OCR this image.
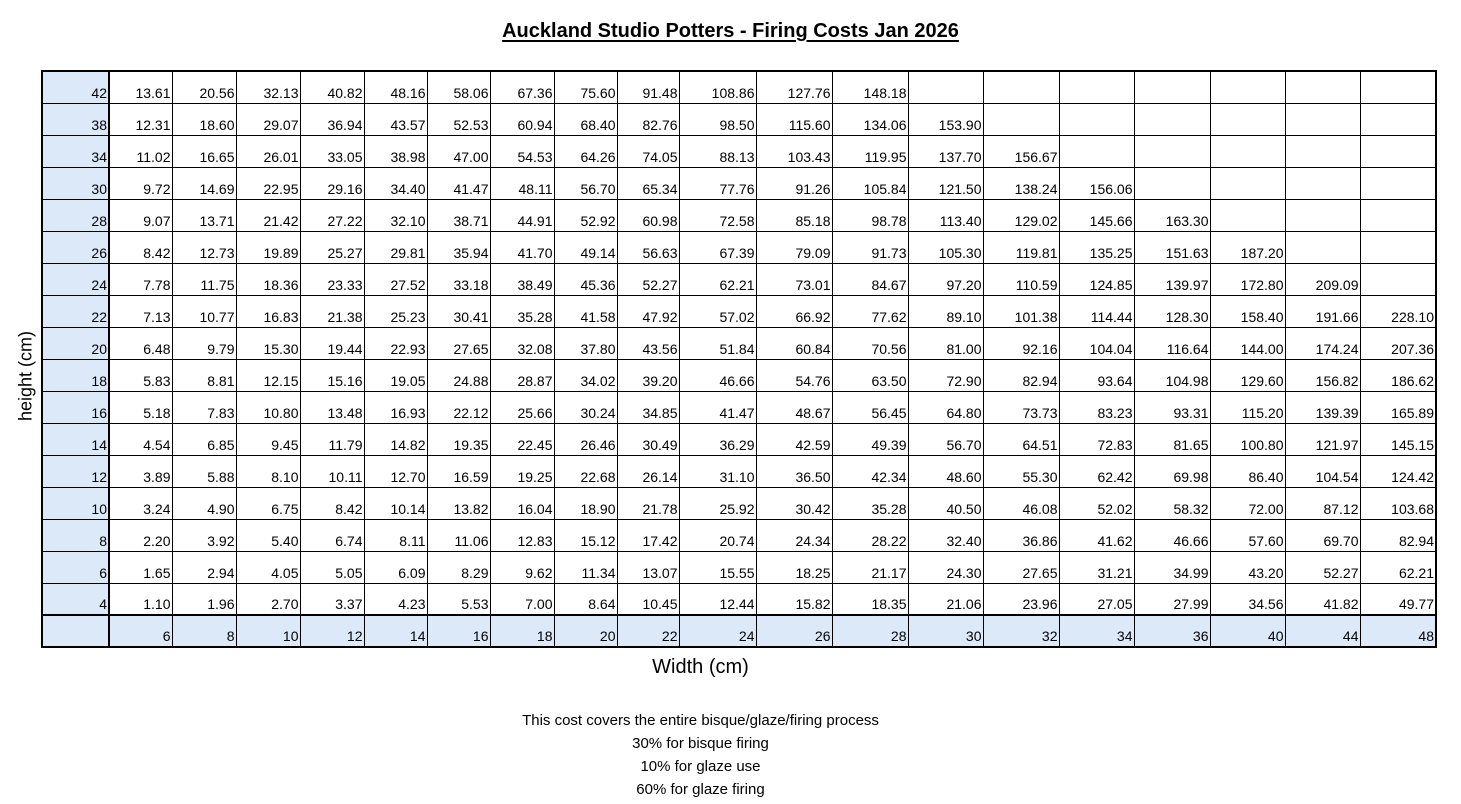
Auckland Studio Potters - Firing Costs Jan 2026
height (cm)
42	13.61	20.56	32.13	40.82	48.16	58.06	67.36	75.60	91.48	108.86	127.76	148.18							
38	12.31	18.60	29.07	36.94	43.57	52.53	60.94	68.40	82.76	98.50	115.60	134.06	153.90						
34	11.02	16.65	26.01	33.05	38.98	47.00	54.53	64.26	74.05	88.13	103.43	119.95	137.70	156.67					
30	9.72	14.69	22.95	29.16	34.40	41.47	48.11	56.70	65.34	77.76	91.26	105.84	121.50	138.24	156.06				
28	9.07	13.71	21.42	27.22	32.10	38.71	44.91	52.92	60.98	72.58	85.18	98.78	113.40	129.02	145.66	163.30			
26	8.42	12.73	19.89	25.27	29.81	35.94	41.70	49.14	56.63	67.39	79.09	91.73	105.30	119.81	135.25	151.63	187.20		
24	7.78	11.75	18.36	23.33	27.52	33.18	38.49	45.36	52.27	62.21	73.01	84.67	97.20	110.59	124.85	139.97	172.80	209.09	
22	7.13	10.77	16.83	21.38	25.23	30.41	35.28	41.58	47.92	57.02	66.92	77.62	89.10	101.38	114.44	128.30	158.40	191.66	228.10
20	6.48	9.79	15.30	19.44	22.93	27.65	32.08	37.80	43.56	51.84	60.84	70.56	81.00	92.16	104.04	116.64	144.00	174.24	207.36
18	5.83	8.81	12.15	15.16	19.05	24.88	28.87	34.02	39.20	46.66	54.76	63.50	72.90	82.94	93.64	104.98	129.60	156.82	186.62
16	5.18	7.83	10.80	13.48	16.93	22.12	25.66	30.24	34.85	41.47	48.67	56.45	64.80	73.73	83.23	93.31	115.20	139.39	165.89
14	4.54	6.85	9.45	11.79	14.82	19.35	22.45	26.46	30.49	36.29	42.59	49.39	56.70	64.51	72.83	81.65	100.80	121.97	145.15
12	3.89	5.88	8.10	10.11	12.70	16.59	19.25	22.68	26.14	31.10	36.50	42.34	48.60	55.30	62.42	69.98	86.40	104.54	124.42
10	3.24	4.90	6.75	8.42	10.14	13.82	16.04	18.90	21.78	25.92	30.42	35.28	40.50	46.08	52.02	58.32	72.00	87.12	103.68
8	2.20	3.92	5.40	6.74	8.11	11.06	12.83	15.12	17.42	20.74	24.34	28.22	32.40	36.86	41.62	46.66	57.60	69.70	82.94
6	1.65	2.94	4.05	5.05	6.09	8.29	9.62	11.34	13.07	15.55	18.25	21.17	24.30	27.65	31.21	34.99	43.20	52.27	62.21
4	1.10	1.96	2.70	3.37	4.23	5.53	7.00	8.64	10.45	12.44	15.82	18.35	21.06	23.96	27.05	27.99	34.56	41.82	49.77
	6	8	10	12	14	16	18	20	22	24	26	28	30	32	34	36	40	44	48
Width (cm)
This cost covers the entire bisque/glaze/firing process
30% for bisque firing
10% for glaze use
60% for glaze firing
